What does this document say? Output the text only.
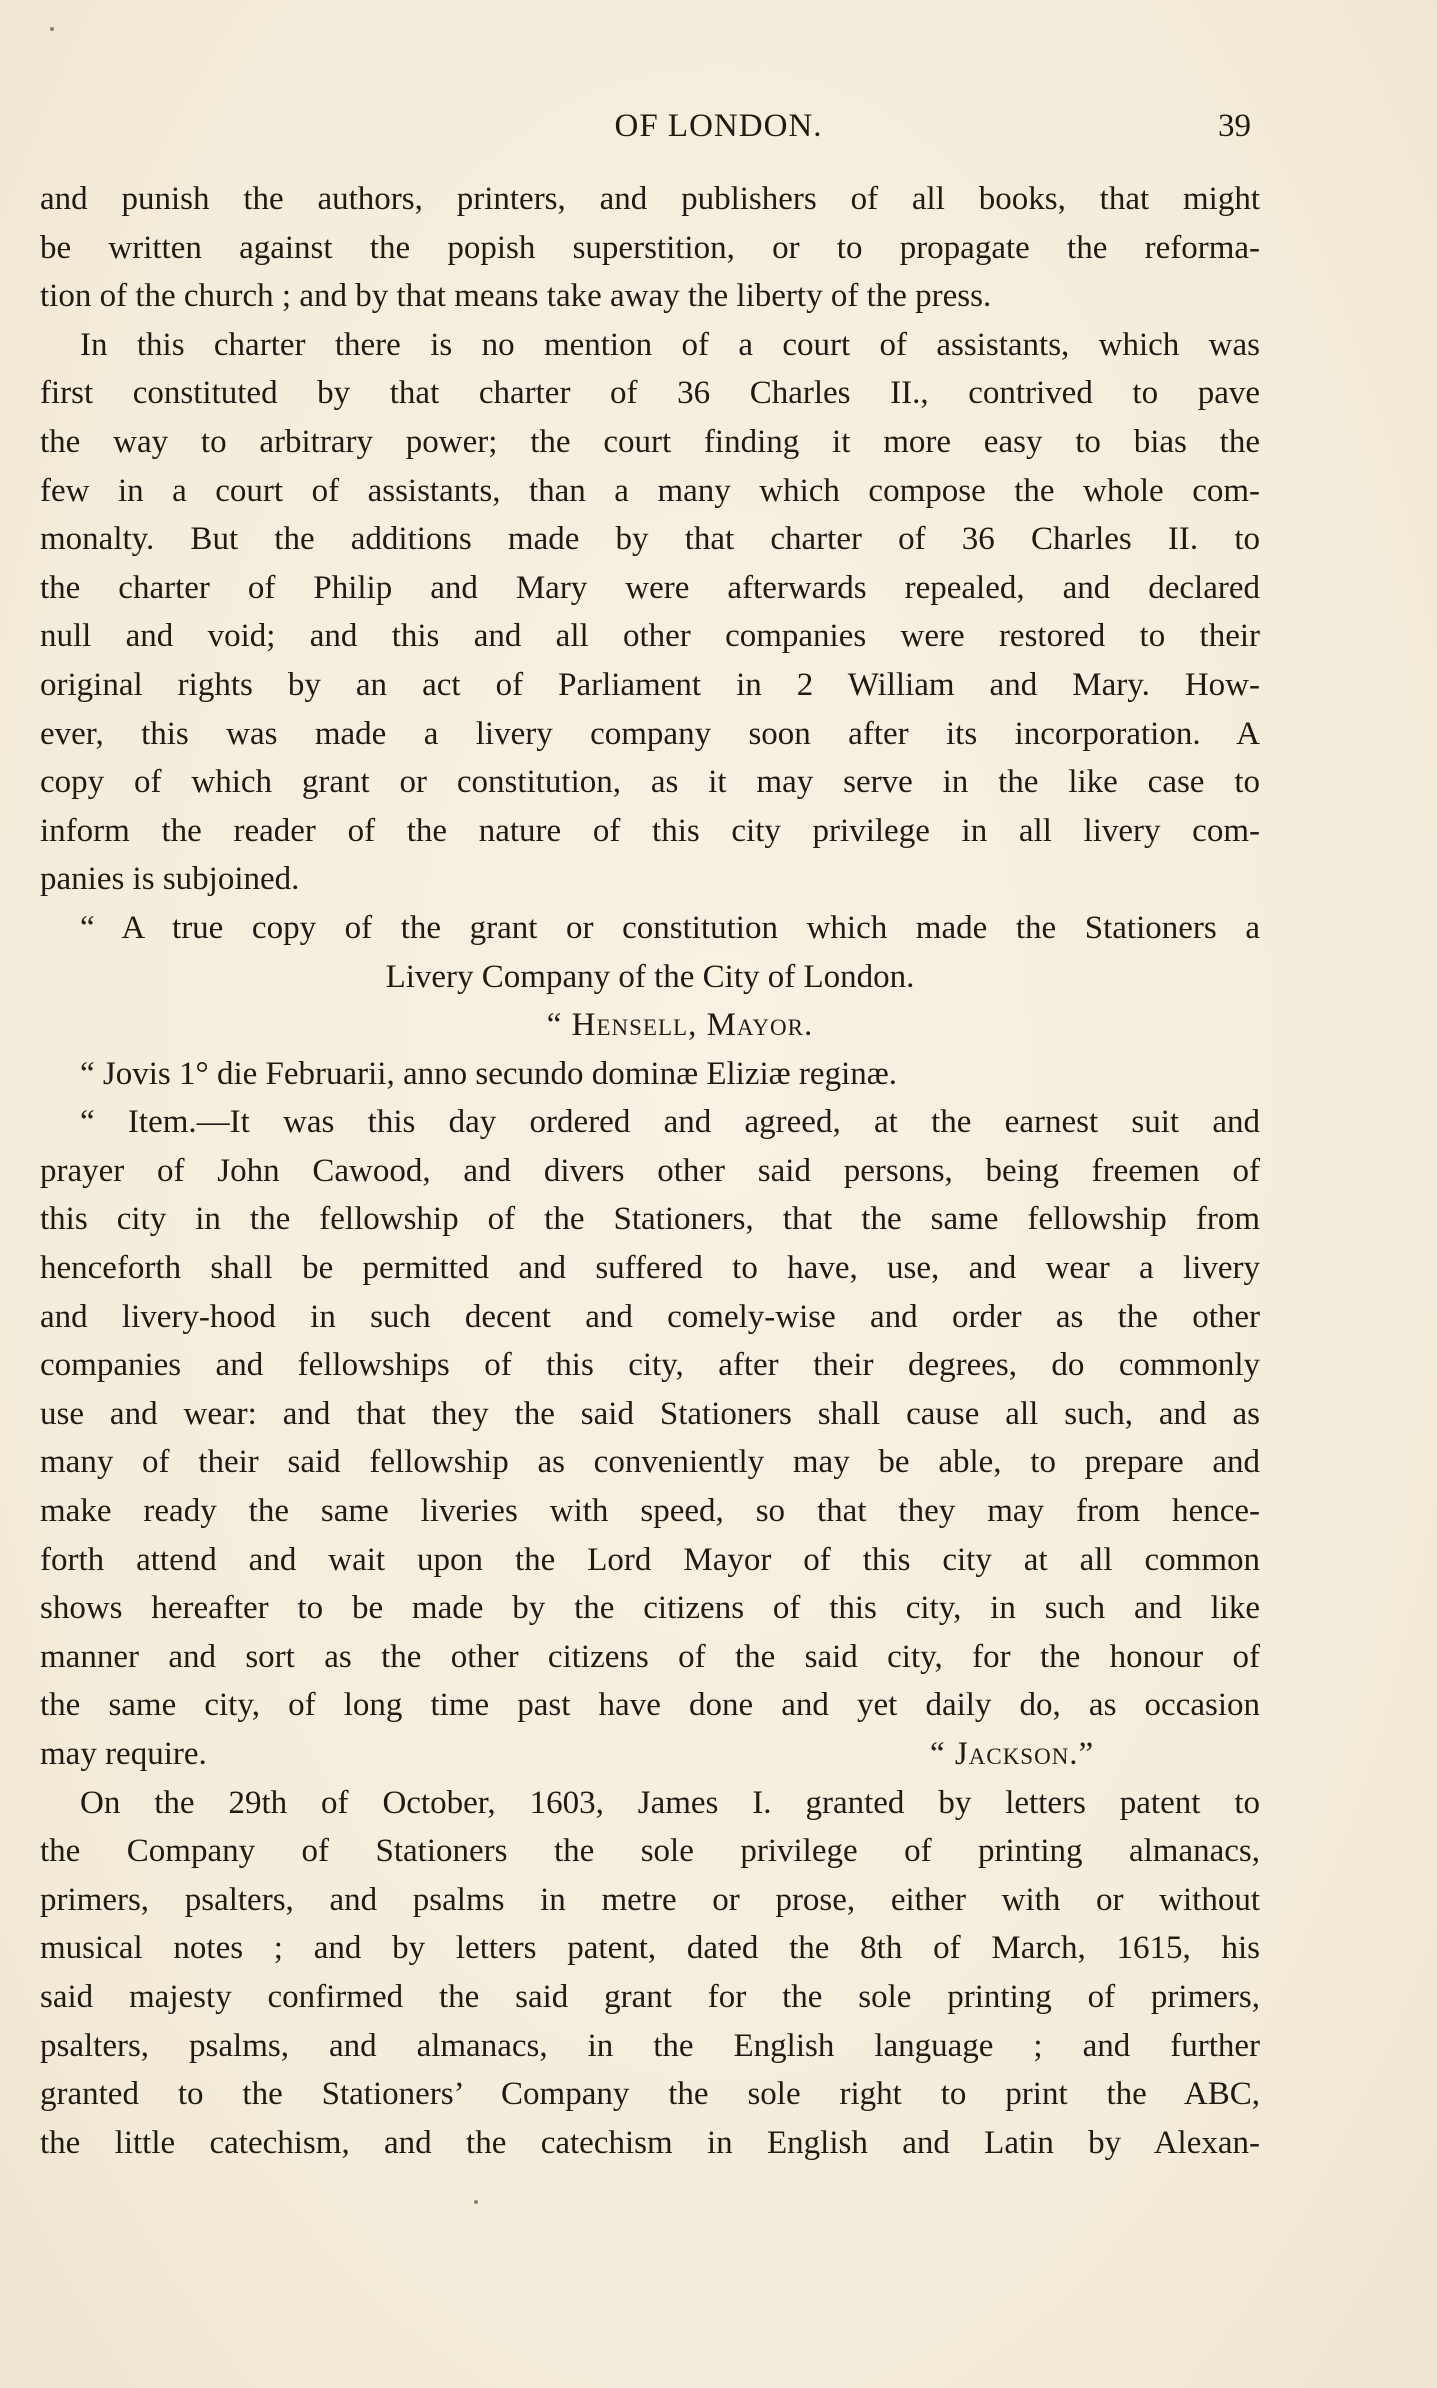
OF LONDON.	39
and punish the authors, printers, and publishers of all books, that might
be written against the popish superstition, or to propagate the reforma-
tion of the church ; and by that means take away the liberty of the press.
In this charter there is no mention of a court of assistants, which was
first constituted by that charter of 36 Charles II., contrived to pave
the way to arbitrary power; the court finding it more easy to bias the
few in a court of assistants, than a many which compose the whole com-
monalty. But the additions made by that charter of 36 Charles II. to
the charter of Philip and Mary were afterwards repealed, and declared
null and void; and this and all other companies were restored to their
original rights by an act of Parliament in 2 William and Mary. How-
ever, this was made a livery company soon after its incorporation. A
copy of which grant or constitution, as it may serve in the like case to
inform the reader of the nature of this city privilege in all livery com-
panies is subjoined.
“ A true copy of the grant or constitution which made the Stationers a
Livery Company of the City of London.
“ Hensell, Mayor.
“ Jovis 1° die Februarii, anno secundo dominæ Eliziæ reginæ.
“ Item.—It was this day ordered and agreed, at the earnest suit and
prayer of John Cawood, and divers other said persons, being freemen of
this city in the fellowship of the Stationers, that the same fellowship from
henceforth shall be permitted and suffered to have, use, and wear a livery
and livery-hood in such decent and comely-wise and order as the other
companies and fellowships of this city, after their degrees, do commonly
use and wear: and that they the said Stationers shall cause all such, and as
many of their said fellowship as conveniently may be able, to prepare and
make ready the same liveries with speed, so that they may from hence-
forth attend and wait upon the Lord Mayor of this city at all common
shows hereafter to be made by the citizens of this city, in such and like
manner and sort as the other citizens of the said city, for the honour of
the same city, of long time past have done and yet daily do, as occasion
may require.	“ Jackson.”
On the 29th of October, 1603, James I. granted by letters patent to
the Company of Stationers the sole privilege of printing almanacs,
primers, psalters, and psalms in metre or prose, either with or without
musical notes ; and by letters patent, dated the 8th of March, 1615, his
said majesty confirmed the said grant for the sole printing of primers,
psalters, psalms, and almanacs, in the English language ; and further
granted to the Stationers’ Company the sole right to print the ABC,
the little catechism, and the catechism in English and Latin by Alexan-
